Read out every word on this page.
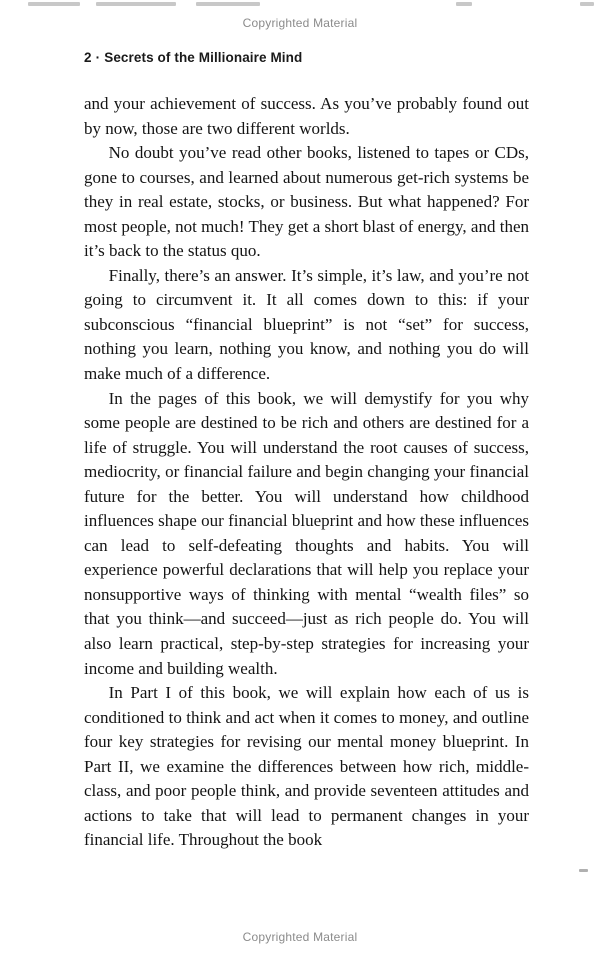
Copyrighted Material
2 · Secrets of the Millionaire Mind

and your achievement of success. As you’ve probably found out by now, those are two different worlds.

No doubt you’ve read other books, listened to tapes or CDs, gone to courses, and learned about numerous get-rich systems be they in real estate, stocks, or business. But what happened? For most people, not much! They get a short blast of energy, and then it’s back to the status quo.

Finally, there’s an answer. It’s simple, it’s law, and you’re not going to circumvent it. It all comes down to this: if your subconscious “financial blueprint” is not “set” for success, nothing you learn, nothing you know, and nothing you do will make much of a difference.

In the pages of this book, we will demystify for you why some people are destined to be rich and others are destined for a life of struggle. You will understand the root causes of success, mediocrity, or financial failure and begin changing your financial future for the better. You will understand how childhood influences shape our financial blueprint and how these influences can lead to self-defeating thoughts and habits. You will experience powerful declarations that will help you replace your nonsupportive ways of thinking with mental “wealth files” so that you think—and succeed—just as rich people do. You will also learn practical, step-by-step strategies for increasing your income and building wealth.

In Part I of this book, we will explain how each of us is conditioned to think and act when it comes to money, and outline four key strategies for revising our mental money blueprint. In Part II, we examine the differences between how rich, middle-class, and poor people think, and provide seventeen attitudes and actions to take that will lead to permanent changes in your financial life. Throughout the book

Copyrighted Material
